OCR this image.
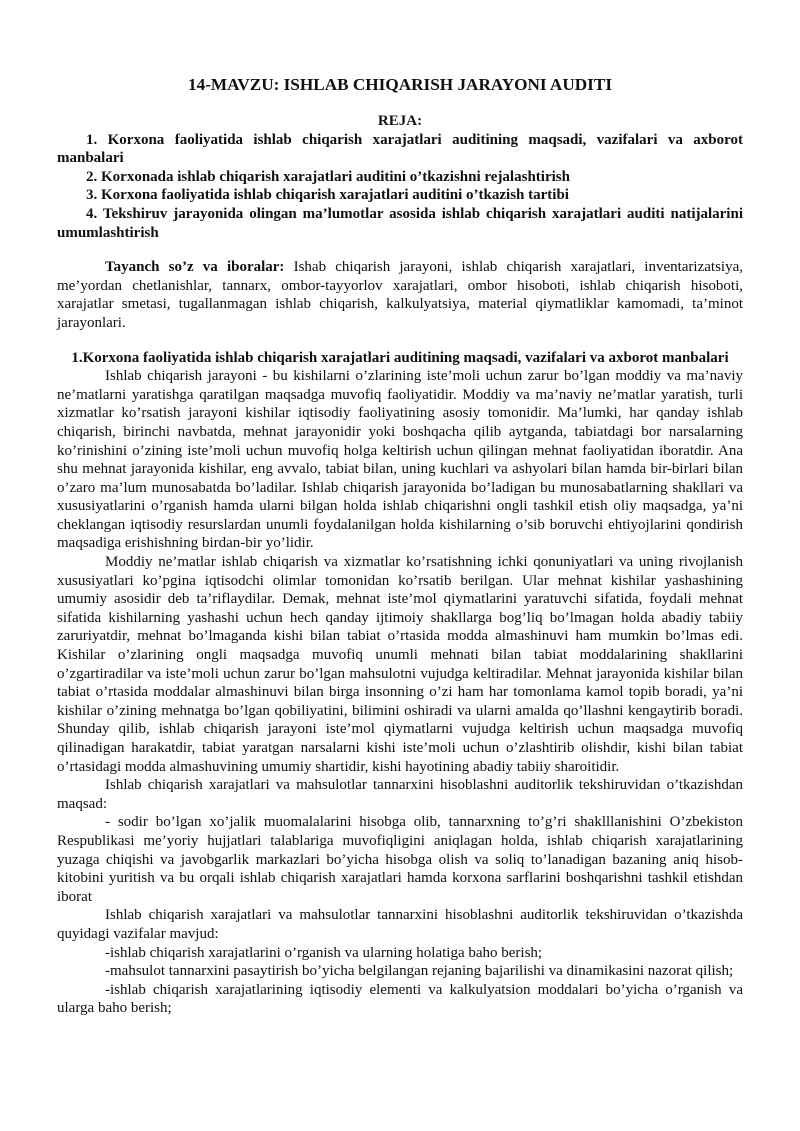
14-MAVZU: ISHLAB CHIQARISH JARAYONI AUDITI

REJA:

1. Korxona faoliyatida ishlab chiqarish xarajatlari auditining maqsadi, vazifalari va axborot manbalari
2. Korxonada ishlab chiqarish xarajatlari auditini o’tkazishni rejalashtirish
3. Korxona faoliyatida ishlab chiqarish xarajatlari auditini o’tkazish tartibi
4. Tekshiruv jarayonida olingan ma’lumotlar asosida ishlab chiqarish xarajatlari auditi natijalarini umumlashtirish

Tayanch so’z va iboralar: Ishab chiqarish jarayoni, ishlab chiqarish xarajatlari, inventarizatsiya, me’yordan chetlanishlar, tannarx, ombor-tayyorlov xarajatlari, ombor hisoboti, ishlab chiqarish hisoboti, xarajatlar smetasi, tugallanmagan ishlab chiqarish, kalkulyatsiya, material qiymatliklar kamomadi, ta’minot jarayonlari.

1.Korxona faoliyatida ishlab chiqarish xarajatlari auditining maqsadi, vazifalari va axborot manbalari

Ishlab chiqarish jarayoni - bu kishilarni o’zlarining iste’moli uchun zarur bo’lgan moddiy va ma’naviy ne’matlarni yaratishga qaratilgan maqsadga muvofiq faoliyatidir. Moddiy va ma’naviy ne’matlar yaratish, turli xizmatlar ko’rsatish jarayoni kishilar iqtisodiy faoliyatining asosiy tomonidir. Ma’lumki, har qanday ishlab chiqarish, birinchi navbatda, mehnat jarayonidir yoki boshqacha qilib aytganda, tabiatdagi bor narsalarning ko’rinishini o’zining iste’moli uchun muvofiq holga keltirish uchun qilingan mehnat faoliyatidan iboratdir. Ana shu mehnat jarayonida kishilar, eng avvalo, tabiat bilan, uning kuchlari va ashyolari bilan hamda bir-birlari bilan o’zaro ma’lum munosabatda bo’ladilar. Ishlab chiqarish jarayonida bo’ladigan bu munosabatlarning shakllari va xususiyatlarini o’rganish hamda ularni bilgan holda ishlab chiqarishni ongli tashkil etish oliy maqsadga, ya’ni cheklangan iqtisodiy resurslardan unumli foydalanilgan holda kishilarning o’sib boruvchi ehtiyojlarini qondirish maqsadiga erishishning birdan-bir yo’lidir.

Moddiy ne’matlar ishlab chiqarish va xizmatlar ko’rsatishning ichki qonuniyatlari va uning rivojlanish xususiyatlari ko’pgina iqtisodchi olimlar tomonidan ko’rsatib berilgan. Ular mehnat kishilar yashashining umumiy asosidir deb ta’riflaydilar. Demak, mehnat iste’mol qiymatlarini yaratuvchi sifatida, foydali mehnat sifatida kishilarning yashashi uchun hech qanday ijtimoiy shakllarga bog’liq bo’lmagan holda abadiy tabiiy zaruriyatdir, mehnat bo’lmaganda kishi bilan tabiat o’rtasida modda almashinuvi ham mumkin bo’lmas edi. Kishilar o’zlarining ongli maqsadga muvofiq unumli mehnati bilan tabiat moddalarining shakllarini o’zgartiradilar va iste’moli uchun zarur bo’lgan mahsulotni vujudga keltiradilar. Mehnat jarayonida kishilar bilan tabiat o’rtasida moddalar almashinuvi bilan birga insonning o’zi ham har tomonlama kamol topib boradi, ya’ni kishilar o’zining mehnatga bo’lgan qobiliyatini, bilimini oshiradi va ularni amalda qo’llashni kengaytirib boradi. Shunday qilib, ishlab chiqarish jarayoni iste’mol qiymatlarni vujudga keltirish uchun maqsadga muvofiq qilinadigan harakatdir, tabiat yaratgan narsalarni kishi iste’moli uchun o’zlashtirib olishdir, kishi bilan tabiat o’rtasidagi modda almashuvining umumiy shartidir, kishi hayotining abadiy tabiiy sharoitidir.

Ishlab chiqarish xarajatlari va mahsulotlar tannarxini hisoblashni auditorlik tekshiruvidan o’tkazishdan maqsad:

- sodir bo’lgan xo’jalik muomalalarini hisobga olib, tannarxning to’g’ri shaklllanishini O’zbekiston Respublikasi me’yoriy hujjatlari talablariga muvofiqligini aniqlagan holda, ishlab chiqarish xarajatlarining yuzaga chiqishi va javobgarlik markazlari bo’yicha hisobga olish va soliq to’lanadigan bazaning aniq hisob-kitobini yuritish va bu orqali ishlab chiqarish xarajatlari hamda korxona sarflarini boshqarishni tashkil etishdan iborat

Ishlab chiqarish xarajatlari va mahsulotlar tannarxini hisoblashni auditorlik tekshiruvidan o’tkazishda quyidagi vazifalar mavjud:

-ishlab chiqarish xarajatlarini o’rganish va ularning holatiga baho berish;

-mahsulot tannarxini pasaytirish bo’yicha belgilangan rejaning bajarilishi va dinamikasini nazorat qilish;

-ishlab chiqarish xarajatlarining iqtisodiy elementi va kalkulyatsion moddalari bo’yicha o’rganish va ularga baho berish;
